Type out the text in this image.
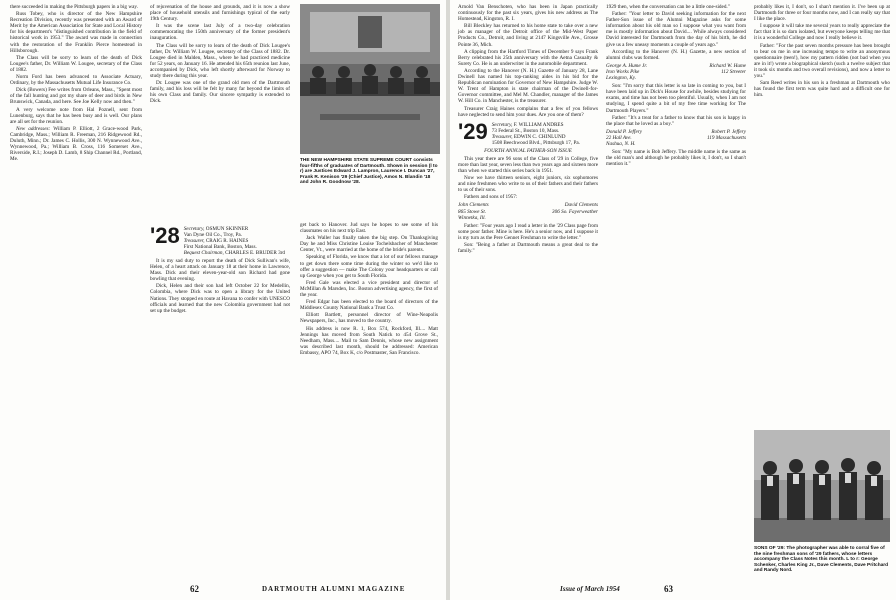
there succeeded in making the Pittsburgh papers in a big way.

Russ Tobey, who is director of the New Hampshire Recreation Division, recently was presented with an Award of Merit by the American Association for State and Local History for his department's "distinguished contribution in the field of historical work in 1953." The award was made in connection with the restoration of the Franklin Pierce homestead in Hillsborough.

The Class will be sorry to learn of the death of Dick Lougee's father, Dr. William W. Lougee, secretary of the Class of 1882.

Norm Ford has been advanced to Associate Actuary, Ordinary, by the Massachusetts Mutual Life Insurance Co.

Dick (Bowers) Fee writes from Orleans, Mass., "Spent most of the fall hunting and got my share of deer and birds in New Brunswick, Canada, and here. See Joe Kelly now and then."

A very welcome note from Hal Poznell, sent from Lunenburg, says that he has been busy and is well. Our plans are all set for the reunion.

New addresses: William P. Elliott, 2 Grace-wood Park, Cambridge, Mass.; William R. Freeman, 216 Ridgewood Rd., Duluth, Minn.; Dr. James C. Hollis, 300 N. Wynnewood Ave., Wynnewood, Pa.; William B. Cross, 116 Somerset Ave., Riverside, R.I.; Joseph D. Lamb, 8 Ship Channel Rd., Portland, Me.

of rejuvenation of the house and grounds, and it is now a show place of household utensils and furnishings typical of the early 19th Century.

It was the scene last July of a two-day celebration commemorating the 150th anniversary of the former president's inauguration.

The Class will be sorry to learn of the death of Dick Lougee's father, Dr. William W. Lougee, secretary of the Class of 1882. Dr. Lougee died in Malden, Mass., where he had practiced medicine for 52 years, on January 16. He attended his 65th reunion last June, accompanied by Dick, who left shortly afterward for Norway to study there during this year.

Dr. Lougee was one of the grand old men of the Dartmouth family, and his loss will be felt by many far beyond the limits of his own Class and family. Our sincere sympathy is extended to Dick.

THE NEW HAMPSHIRE STATE SUPREME COURT consists four-fifths of graduates of Dartmouth. Shown in session (l to r) are Justices Edward J. Lampron, Laurence I. Duncan '27, Frank R. Kenison '29 (Chief Justice), Amos N. Blandin '18 and John R. Goodnow '28.
'28 Secretary, OSMUN SKINNER
Van Dyne Oil Co., Troy, Pa.
Treasurer, CRAIG R. HAINES
First National Bank, Boston, Mass.
Bequest Chairman, CHARLES E. BRUDER 3rd

It is my sad duty to report the death of Dick Sullivan's wife, Helen, of a heart attack on January 18 at their home in Lawrence, Mass. Dick and their eleven-year-old son Richard had gone bowling that evening.

Dick, Helen and their son had left October 22 for Medellin, Colombia, where Dick was to open a library for the United Nations. They stopped en route at Havana to confer with UNESCO officials and learned that the new Colombia government had not set up the budget.

get back to Hanover. Jud says he hopes to see some of his classmates on his next trip East.

Jack Waller has finally taken the big step. On Thanksgiving Day he and Miss Christine Louise Tochelsbacher of Manchester Center, Vt., were married at the home of the bride's parents.

Speaking of Florida, we know that a lot of our fellows manage to get down there some time during the winter so we'd like to offer a suggestion — make The Colony your headquarters or call up George when you get to South Florida.

Fred Gale was elected a vice president and director of McMillan & Marsden, Inc. Boston advertising agency, the first of the year.

Fred Edgar has been elected to the board of directors of the Middlesex County National Bank a Trust Co.

Elliott Bartlett, personnel director of Wine-Neapolis Newspapers, Inc., has moved to the country.

His address is now R. 1, Box 574, Rockford, Ill.... Matt Jennings has moved from South Natick to 454 Grove St., Needham, Mass.... Mail to Sam Dennis, whose new assignment was described last month, should be addressed: American Embassy, APO 74, Box K, c/o Postmaster, San Francisco.

62	DARTMOUTH ALUMNI MAGAZINE

Arnold Van Benschoten, who has been in Japan practically continuously for the past six years, gives his new address as The Homestead, Kingston, R. I.

Bill Bleckley has returned to his home state to take over a new job as manager of the Detroit office of the Mid-West Paper Products Co., Detroit, and living at 2147 Kingsville Ave., Grosse Pointe 36, Mich.

A clipping from the Hartford Times of December 9 says Frank Berry celebrated his 25th anniversary with the Aetna Casualty & Surety Co. He is an underwriter in the automobile department.

According to the Hanover (N. H.) Gazette of January 28, Lane Dwinell has named his top-ranking aides in his bid for the Republican nomination for Governor of New Hampshire. Judge W. W. Trent of Hampton is state chairman of the Dwinell-for-Governor committee, and Mel M. Chandler, manager of the James W. Hill Co. in Manchester, is the treasurer.

Treasurer Craig Haines complains that a few of you fellows have neglected to send him your dues. Are you one of them?

'29 Secretary, F. WILLIAM ANDRES
73 Federal St., Boston 10, Mass.
Treasurer, EDWIN C. CHINLUND
1508 Beechwood Blvd., Pittsburgh 17, Pa.
FOURTH ANNUAL FATHER-SON ISSUE

This year there are 96 sons of the Class of '29 in College, five more than last year, seven less than two years ago and sixteen more than when we started this series back in 1951.

Now we have thirteen seniors, eight juniors, six sophomores and nine freshmen who write to us of their fathers and their fathers to us of their sons.

Fathers and sons of 1957:

John Clements
865 Stowe St.
Winnetka, Ill.
David Clements
306 So. Fayerweather

Father: "Four years ago I read a letter in the '29 Class page from some poor father. Mine is here. He's a senior now, and I suppose it is my turn as the Pere Gennet Freshman to write the letter."

Son: "Being a father at Dartmouth means a great deal to the family."

1929 then, when the conversation can be a little one-sided."

Father: "Your letter to David seeking information for the next Father-Son issue of the Alumni Magazine asks for some information about his old man so I suppose what you want from me is mostly information about David.... While always considered David interested for Dartmouth from the day of his birth, he did give us a few uneasy moments a couple of years ago."

According to the Hanover (N. H.) Gazette, a new section of alumni clubs was formed.

George A. Hume Jr.
Iron Works Pike
Lexington, Ky.
Richard W. Hume
112 Streeter

Son: "I'm sorry that this letter is so late in coming to you, but I have been laid up in Dick's House for awhile, besides studying for exams, and time has not been too plentiful. Usually, when I am not studying, I spend quite a bit of my free time working for The Dartmouth Players."

Father: "It's a treat for a father to know that his son is happy in the place that he loved as a boy."

Donald P. Jeffery
22 Hall Ave.
Nashua, N. H.
Robert P. Jeffery
119 Massachusetts

Son: "My name is Bob Jeffery. The middle name is the same as the old man's and although he probably likes it, I don't, so I shan't mention it."

probably likes it, I don't, so I shan't mention it. I've been up at Dartmouth for three or four months now, and I can really say that I like the place.

I suppose it will take me several years to really appreciate the fact that it is so darn isolated, but everyone keeps telling me that it is a wonderful College and now I really believe it.

Father: "For the past seven months pressure has been brought to bear on me in one increasing tempo to write an anonymous questionnaire (teen!), how my pattern ridden (not bad when you are in it!) wrote a biographical sketch (such a twelve subject that it took six months and two overall revisions), and now a letter to you."

Sam Reed writes in his son is a freshman at Dartmouth who has found the first term was quite hard and a difficult one for him.

SONS OF '29: The photographer was able to corral five of the nine freshman sons of '29 fathers, whose letters accompany the Class Notes this month. L to r: George Schenker, Charles King Jr., Dave Clements, Dave Pritchard and Randy Nord.
Issue of March 1954	63
